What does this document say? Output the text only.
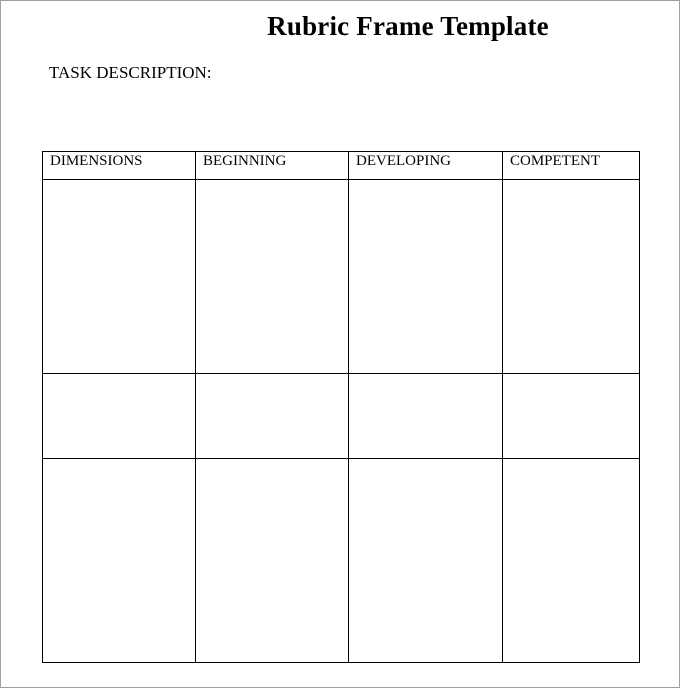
Rubric Frame Template
TASK DESCRIPTION:
DIMENSIONS	BEGINNING	DEVELOPING	COMPETENT
